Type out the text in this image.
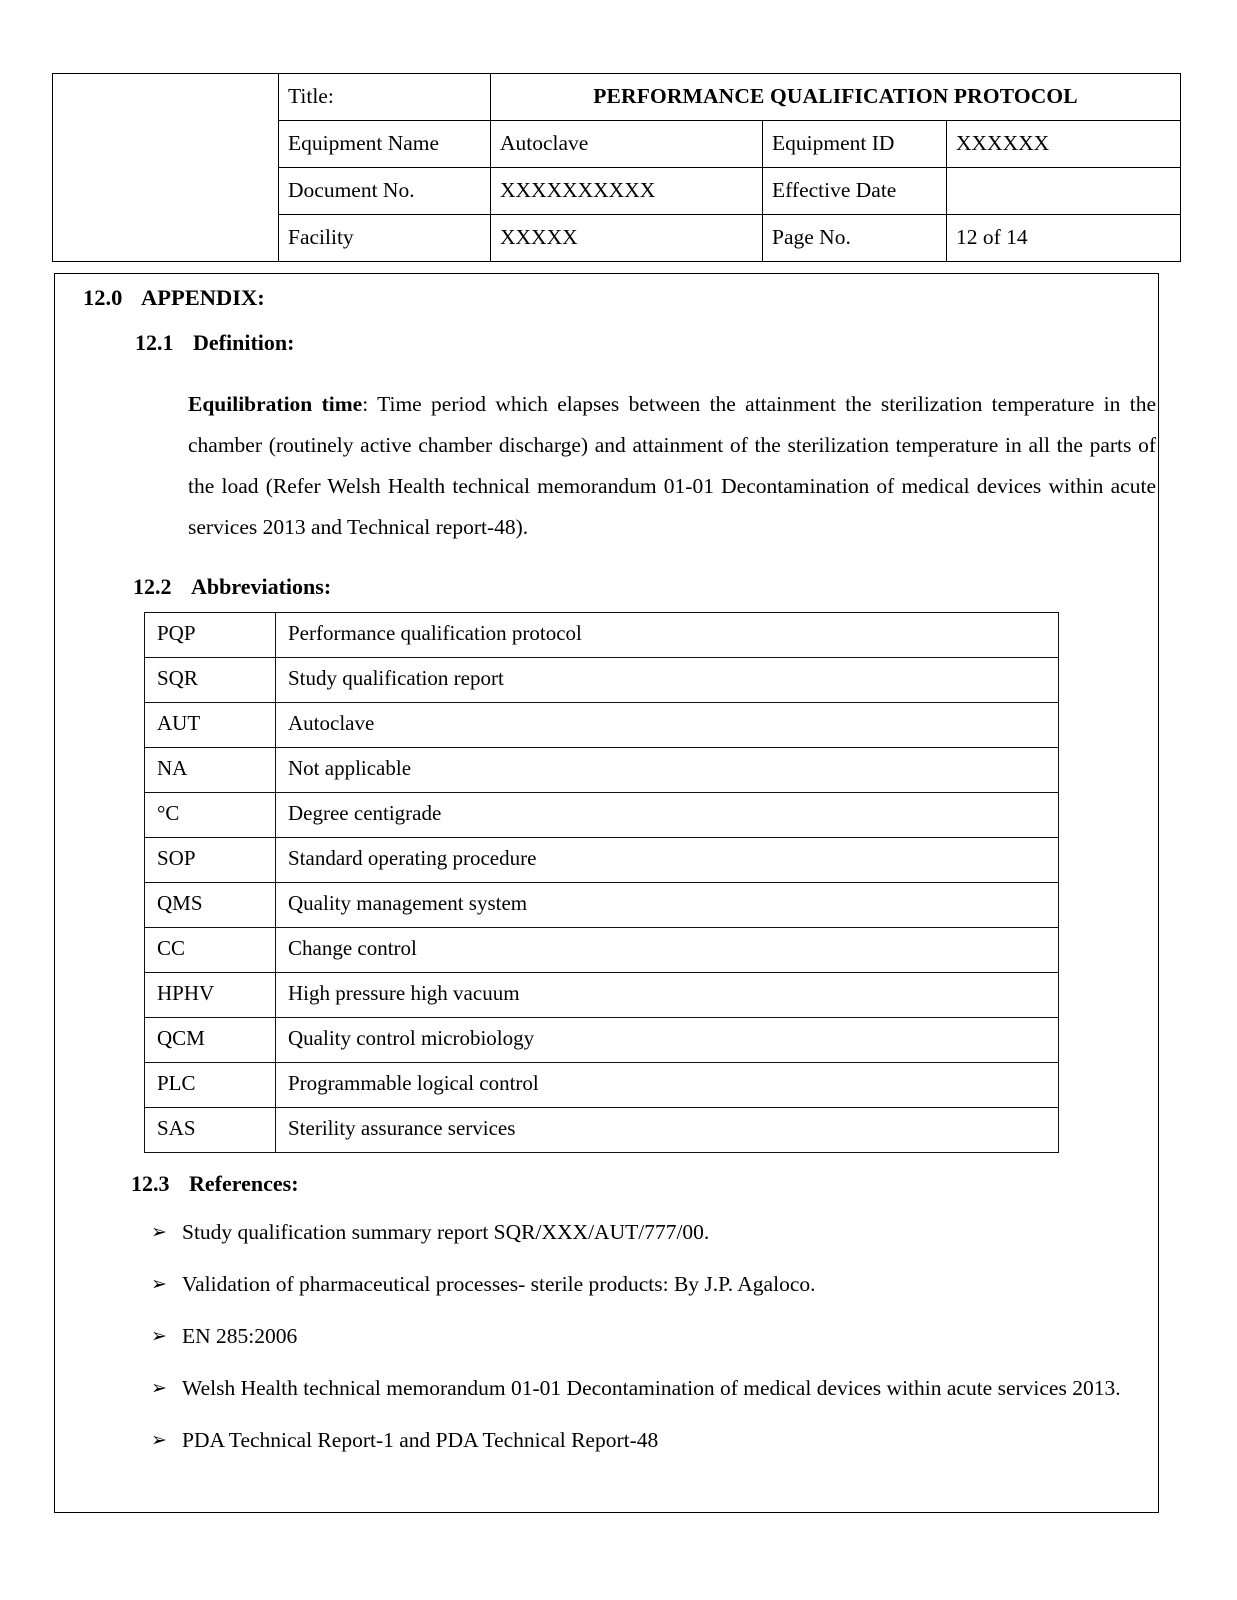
	Title:	PERFORMANCE QUALIFICATION PROTOCOL		
	Equipment Name	Autoclave	Equipment ID	XXXXXX
	Document No.	XXXXXXXXXX	Effective Date	
	Facility	XXXXX	Page No.	12 of 14
12.0 APPENDIX:
12.1 Definition:
Equilibration time: Time period which elapses between the attainment the sterilization temperature in the chamber (routinely active chamber discharge) and attainment of the sterilization temperature in all the parts of the load (Refer Welsh Health technical memorandum 01-01 Decontamination of medical devices within acute services 2013 and Technical report-48).
12.2 Abbreviations:
PQP	Performance qualification protocol
SQR	Study qualification report
AUT	Autoclave
NA	Not applicable
°C	Degree centigrade
SOP	Standard operating procedure
QMS	Quality management system
CC	Change control
HPHV	High pressure high vacuum
QCM	Quality control microbiology
PLC	Programmable logical control
SAS	Sterility assurance services
12.3 References:
➢ Study qualification summary report SQR/XXX/AUT/777/00.
➢ Validation of pharmaceutical processes- sterile products: By J.P. Agaloco.
➢ EN 285:2006
➢ Welsh Health technical memorandum 01-01 Decontamination of medical devices within acute services 2013.
➢ PDA Technical Report-1 and PDA Technical Report-48
